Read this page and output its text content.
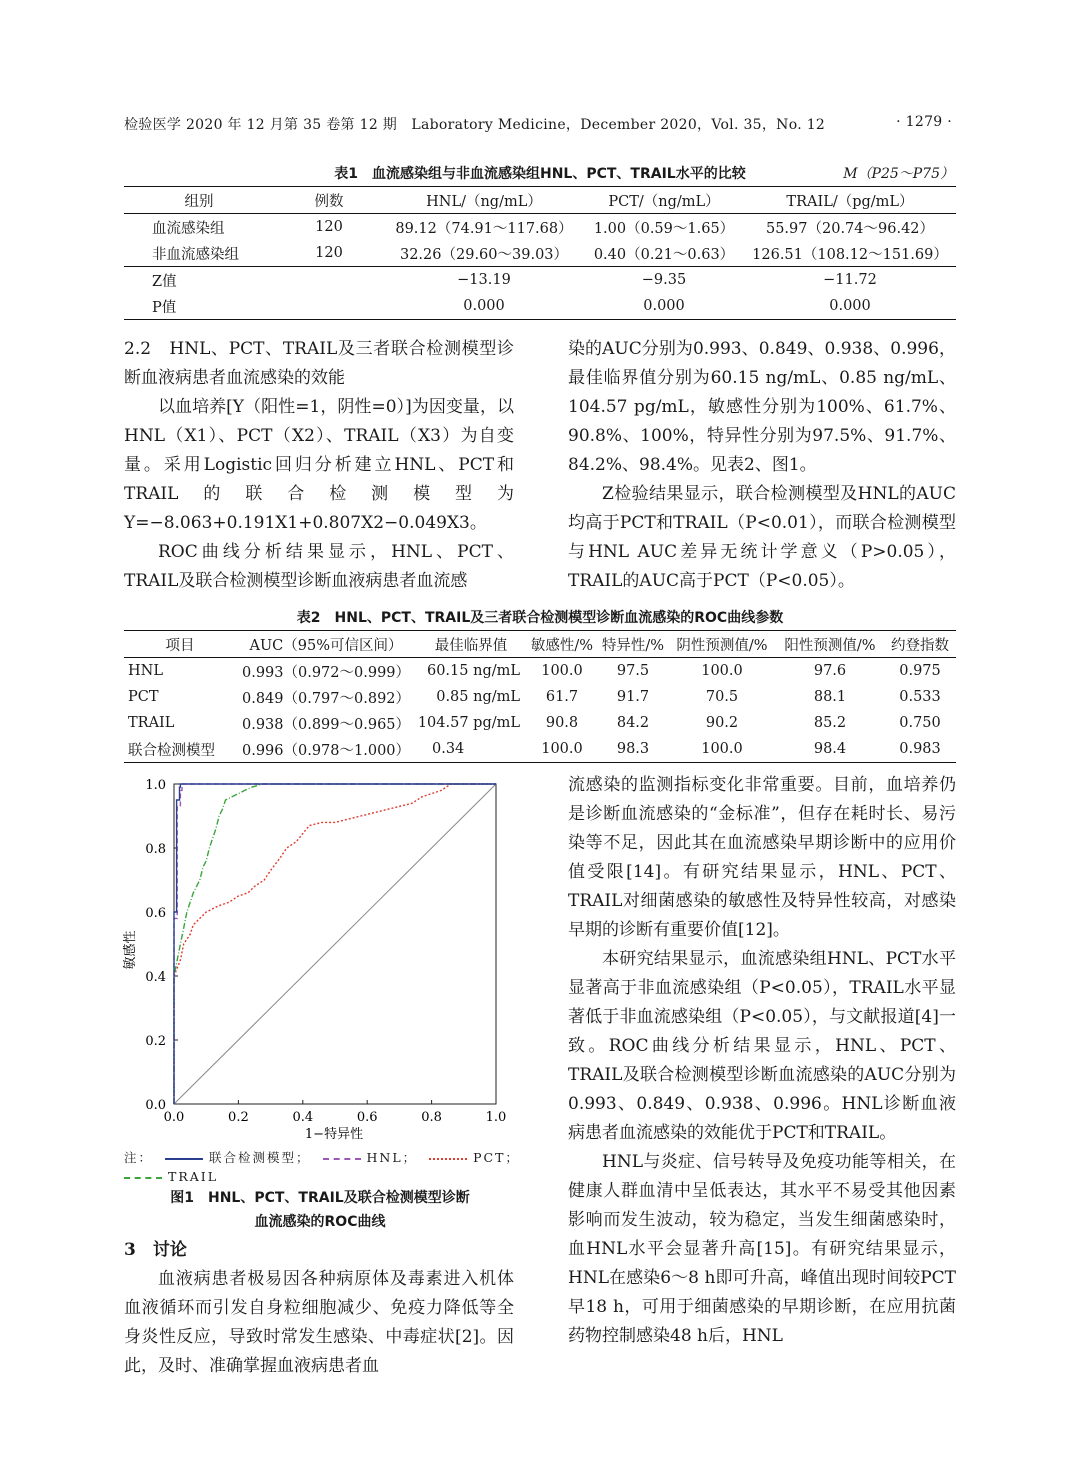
检验医学 2020 年 12 月第 35 卷第 12 期 Laboratory Medicine，December 2020，Vol. 35，No. 12	· 1279 ·
表1　血流感染组与非血流感染组HNL、PCT、TRAIL水平的比较	M（P25～P75）
组别	例数	HNL/（ng/mL）	PCT/（ng/mL）	TRAIL/（pg/mL）
血流感染组	120	89.12（74.91～117.68）	1.00（0.59～1.65）	55.97（20.74～96.42）
非血流感染组	120	32.26（29.60～39.03）	0.40（0.21～0.63）	126.51（108.12～151.69）
Z值		−13.19	−9.35	−11.72
P值		0.000	0.000	0.000

2.2　HNL、PCT、TRAIL及三者联合检测模型诊断血液病患者血流感染的效能

以血培养[Y（阳性=1，阴性=0）]为因变量，以HNL（X1）、PCT（X2）、TRAIL（X3）为自变量。采用Logistic回归分析建立HNL、PCT和TRAIL的联合检测模型为Y=−8.063+0.191X1+0.807X2−0.049X3。

ROC曲线分析结果显示，HNL、PCT、TRAIL及联合检测模型诊断血液病患者血流感

染的AUC分别为0.993、0.849、0.938、0.996，最佳临界值分别为60.15 ng/mL、0.85 ng/mL、104.57 pg/mL，敏感性分别为100%、61.7%、90.8%、100%，特异性分别为97.5%、91.7%、84.2%、98.4%。见表2、图1。

Z检验结果显示，联合检测模型及HNL的AUC均高于PCT和TRAIL（P<0.01），而联合检测模型与HNL AUC差异无统计学意义（P>0.05），TRAIL的AUC高于PCT（P<0.05）。

表2　HNL、PCT、TRAIL及三者联合检测模型诊断血流感染的ROC曲线参数
项目	AUC（95%可信区间）	最佳临界值	敏感性/%	特异性/%	阴性预测值/%	阳性预测值/%	约登指数
HNL	0.993（0.972～0.999）	60.15 ng/mL	100.0	97.5	100.0	97.6	0.975
PCT	0.849（0.797～0.892）	0.85 ng/mL	61.7	91.7	70.5	88.1	0.533
TRAIL	0.938（0.899～0.965）	104.57 pg/mL	90.8	84.2	90.2	85.2	0.750
联合检测模型	0.996（0.978～1.000）	0.34	100.0	98.3	100.0	98.4	0.983
0.0	0.2	0.4	0.6	0.8	1.0
0.0
0.2
0.4
0.6
0.8
1.0
敏感性
1−特异性
注：	联合检测模型；	HNL；	PCT；
TRAIL
图1　HNL、PCT、TRAIL及联合检测模型诊断
血流感染的ROC曲线

3　讨论

血液病患者极易因各种病原体及毒素进入机体血液循环而引发自身粒细胞减少、免疫力降低等全身炎性反应，导致时常发生感染、中毒症状[2]。因此，及时、准确掌握血液病患者血

流感染的监测指标变化非常重要。目前，血培养仍是诊断血流感染的“金标准”，但存在耗时长、易污染等不足，因此其在血流感染早期诊断中的应用价值受限[14]。有研究结果显示，HNL、PCT、TRAIL对细菌感染的敏感性及特异性较高，对感染早期的诊断有重要价值[12]。

本研究结果显示，血流感染组HNL、PCT水平显著高于非血流感染组（P<0.05），TRAIL水平显著低于非血流感染组（P<0.05），与文献报道[4]一致。ROC曲线分析结果显示，HNL、PCT、TRAIL及联合检测模型诊断血流感染的AUC分别为0.993、0.849、0.938、0.996。HNL诊断血液病患者血流感染的效能优于PCT和TRAIL。

HNL与炎症、信号转导及免疫功能等相关，在健康人群血清中呈低表达，其水平不易受其他因素影响而发生波动，较为稳定，当发生细菌感染时，血HNL水平会显著升高[15]。有研究结果显示，HNL在感染6～8 h即可升高，峰值出现时间较PCT早18 h，可用于细菌感染的早期诊断，在应用抗菌药物控制感染48 h后，HNL
